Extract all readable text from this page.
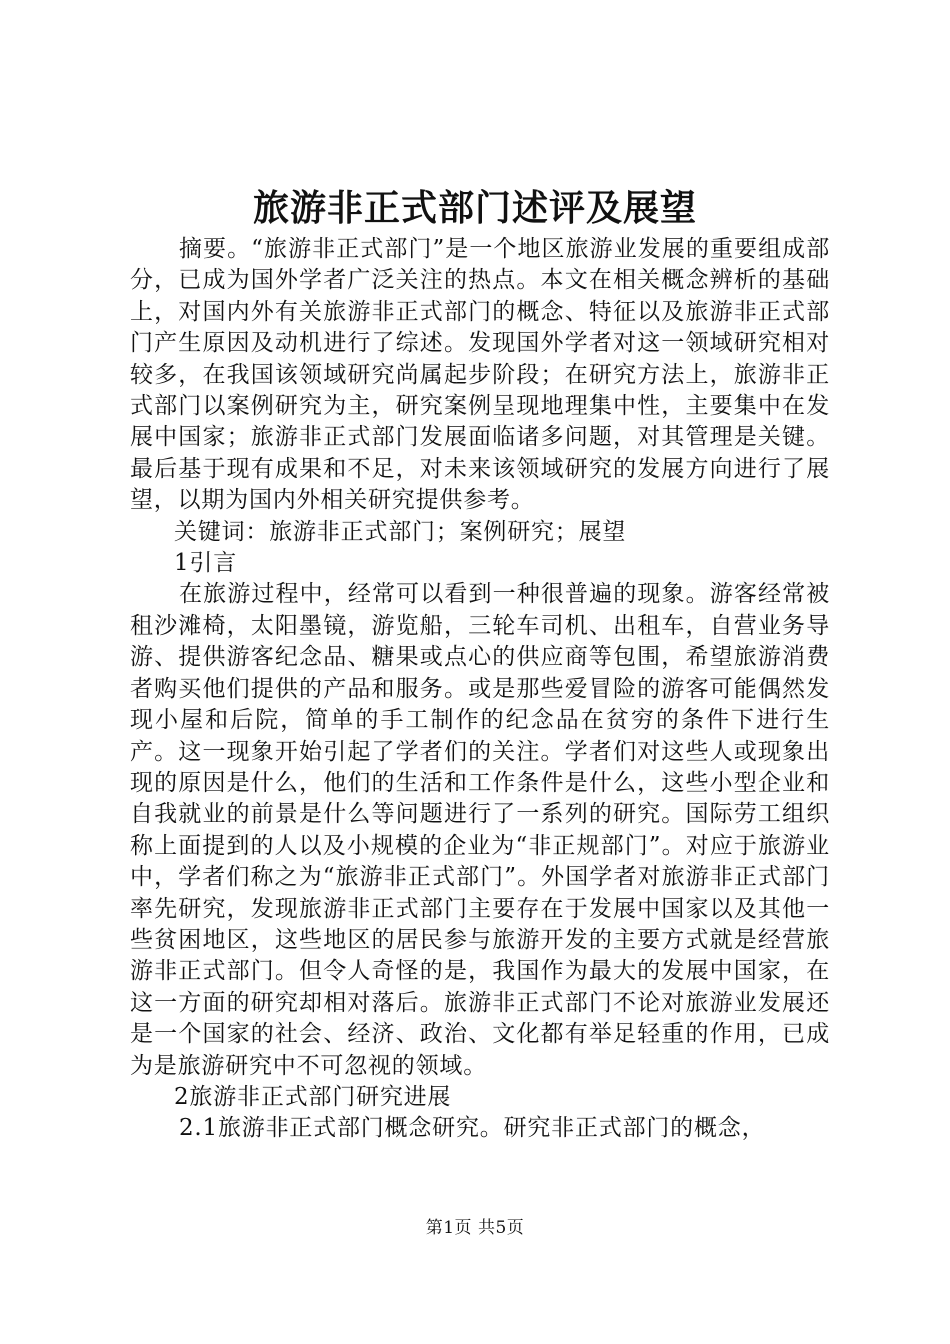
旅游非正式部门述评及展望

摘要。“旅游非正式部门”是一个地区旅游业发展的重要组成部分，已成为国外学者广泛关注的热点。本文在相关概念辨析的基础上，对国内外有关旅游非正式部门的概念、特征以及旅游非正式部门产生原因及动机进行了综述。发现国外学者对这一领域研究相对较多，在我国该领域研究尚属起步阶段；在研究方法上，旅游非正式部门以案例研究为主，研究案例呈现地理集中性，主要集中在发展中国家；旅游非正式部门发展面临诸多问题，对其管理是关键。最后基于现有成果和不足，对未来该领域研究的发展方向进行了展望，以期为国内外相关研究提供参考。

关键词：旅游非正式部门；案例研究；展望

1引言

在旅游过程中，经常可以看到一种很普遍的现象。游客经常被租沙滩椅，太阳墨镜，游览船，三轮车司机、出租车，自营业务导游、提供游客纪念品、糖果或点心的供应商等包围，希望旅游消费者购买他们提供的产品和服务。或是那些爱冒险的游客可能偶然发现小屋和后院，简单的手工制作的纪念品在贫穷的条件下进行生产。这一现象开始引起了学者们的关注。学者们对这些人或现象出现的原因是什么，他们的生活和工作条件是什么，这些小型企业和自我就业的前景是什么等问题进行了一系列的研究。国际劳工组织称上面提到的人以及小规模的企业为“非正规部门”。对应于旅游业中，学者们称之为“旅游非正式部门”。外国学者对旅游非正式部门率先研究，发现旅游非正式部门主要存在于发展中国家以及其他一些贫困地区，这些地区的居民参与旅游开发的主要方式就是经营旅游非正式部门。但令人奇怪的是，我国作为最大的发展中国家，在这一方面的研究却相对落后。旅游非正式部门不论对旅游业发展还是一个国家的社会、经济、政治、文化都有举足轻重的作用，已成为是旅游研究中不可忽视的领域。

2旅游非正式部门研究进展

2.1旅游非正式部门概念研究。研究非正式部门的概念，

第1页 共5页
